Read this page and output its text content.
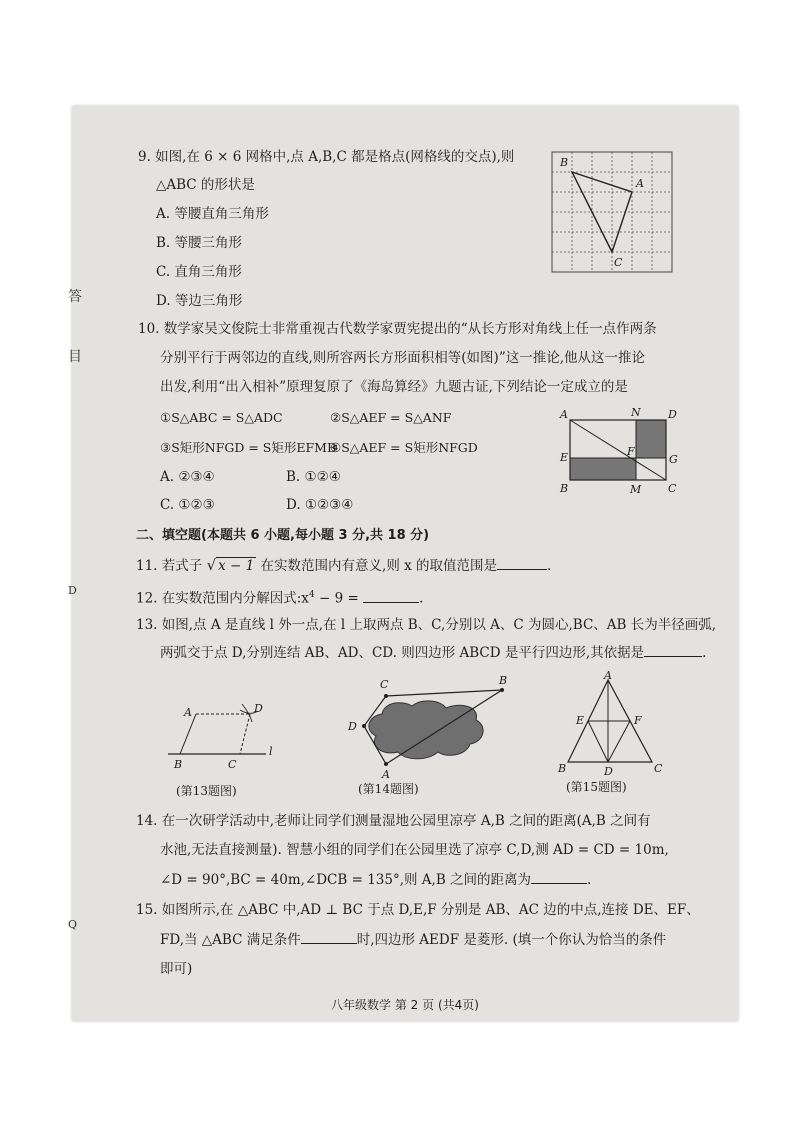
答
目
D
Q
9. 如图,在 6 × 6 网格中,点 A,B,C 都是格点(网格线的交点),则
△ABC 的形状是
A. 等腰直角三角形
B. 等腰三角形
C. 直角三角形
D. 等边三角形
B
A
C
10. 数学家吴文俊院士非常重视古代数学家贾宪提出的“从长方形对角线上任一点作两条
分别平行于两邻边的直线,则所容两长方形面积相等(如图)”这一推论,他从这一推论
出发,利用“出入相补”原理复原了《海岛算经》九题古证,下列结论一定成立的是
①S△ABC = S△ADC	②S△AEF = S△ANF
③S矩形NFGD = S矩形EFMB
④S△AEF = S矩形NFGD
A. ②③④	B. ①②④
C. ①②③	D. ①②③④
A	N D
E	F
G
B	M C
二、填空题(本题共 6 小题,每小题 3 分,共 18 分)
11. 若式子 √ x − 1 在实数范围内有意义,则 x 的取值范围是	.
12. 在实数范围内分解因式$:x^4 - 9$ =	.
13. 如图,点 A 是直线 l 外一点,在 l 上取两点 B、C,分别以 A、C 为圆心,BC、AB 长为半径画弧,
两弧交于点 D,分别连结 AB、AD、CD. 则四边形 ABCD 是平行四边形,其依据是	.
A	D
B	C
l
(第13题图)
C	B
D
A
(第14题图)
A
E	F
B	D	C
(第15题图)
14. 在一次研学活动中,老师让同学们测量湿地公园里凉亭 A,B 之间的距离(A,B 之间有
水池,无法直接测量). 智慧小组的同学们在公园里选了凉亭 C,D,测 AD = CD = 10m,
∠D = 90°,BC = 40m,∠DCB = 135°,则 A,B 之间的距离为	.
15. 如图所示,在 △ABC 中,AD ⊥ BC 于点 D,E,F 分别是 AB、AC 边的中点,连接 DE、EF、
FD,当 △ABC 满足条件	时,四边形 AEDF 是菱形. (填一个你认为恰当的条件
即可)
八年级数学 第 2 页 (共4页)
